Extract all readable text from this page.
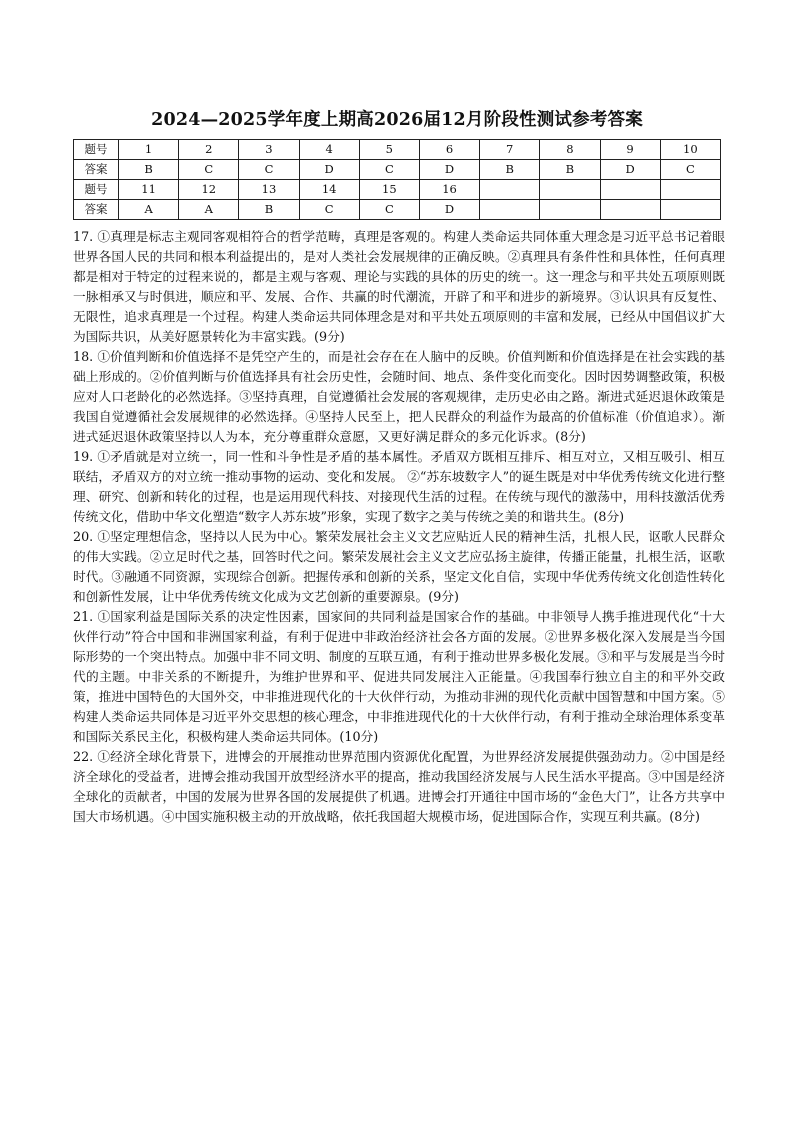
2024—2025学年度上期高2026届12月阶段性测试参考答案
题号	1	2	3	4	5	6	7	8	9	10
答案	B	C	C	D	C	D	B	B	D	C
题号	11	12	13	14	15	16				
答案	A	A	B	C	C	D				

17. ①真理是标志主观同客观相符合的哲学范畴，真理是客观的。构建人类命运共同体重大理念是习近平总书记着眼世界各国人民的共同和根本利益提出的，是对人类社会发展规律的正确反映。②真理具有条件性和具体性，任何真理都是相对于特定的过程来说的，都是主观与客观、理论与实践的具体的历史的统一。这一理念与和平共处五项原则既一脉相承又与时俱进，顺应和平、发展、合作、共赢的时代潮流，开辟了和平和进步的新境界。③认识具有反复性、无限性，追求真理是一个过程。构建人类命运共同体理念是对和平共处五项原则的丰富和发展，已经从中国倡议扩大为国际共识，从美好愿景转化为丰富实践。(9分)

18. ①价值判断和价值选择不是凭空产生的，而是社会存在在人脑中的反映。价值判断和价值选择是在社会实践的基础上形成的。②价值判断与价值选择具有社会历史性，会随时间、地点、条件变化而变化。因时因势调整政策，积极应对人口老龄化的必然选择。③坚持真理，自觉遵循社会发展的客观规律，走历史必由之路。渐进式延迟退休政策是我国自觉遵循社会发展规律的必然选择。④坚持人民至上，把人民群众的利益作为最高的价值标准（价值追求）。渐进式延迟退休政策坚持以人为本，充分尊重群众意愿，又更好满足群众的多元化诉求。(8分)

19. ①矛盾就是对立统一，同一性和斗争性是矛盾的基本属性。矛盾双方既相互排斥、相互对立，又相互吸引、相互联结，矛盾双方的对立统一推动事物的运动、变化和发展。 ②“苏东坡数字人”的诞生既是对中华优秀传统文化进行整理、研究、创新和转化的过程，也是运用现代科技、对接现代生活的过程。在传统与现代的激荡中，用科技激活优秀传统文化，借助中华文化塑造“数字人苏东坡”形象，实现了数字之美与传统之美的和谐共生。(8分)

20. ①坚定理想信念，坚持以人民为中心。繁荣发展社会主义文艺应贴近人民的精神生活，扎根人民，讴歌人民群众的伟大实践。②立足时代之基，回答时代之问。繁荣发展社会主义文艺应弘扬主旋律，传播正能量，扎根生活，讴歌时代。③融通不同资源，实现综合创新。把握传承和创新的关系，坚定文化自信，实现中华优秀传统文化创造性转化和创新性发展，让中华优秀传统文化成为文艺创新的重要源泉。(9分)

21. ①国家利益是国际关系的决定性因素，国家间的共同利益是国家合作的基础。中非领导人携手推进现代化“十大伙伴行动”符合中国和非洲国家利益，有利于促进中非政治经济社会各方面的发展。②世界多极化深入发展是当今国际形势的一个突出特点。加强中非不同文明、制度的互联互通，有利于推动世界多极化发展。③和平与发展是当今时代的主题。中非关系的不断提升，为维护世界和平、促进共同发展注入正能量。④我国奉行独立自主的和平外交政策，推进中国特色的大国外交，中非推进现代化的十大伙伴行动，为推动非洲的现代化贡献中国智慧和中国方案。⑤构建人类命运共同体是习近平外交思想的核心理念，中非推进现代化的十大伙伴行动，有利于推动全球治理体系变革和国际关系民主化，积极构建人类命运共同体。(10分)

22. ①经济全球化背景下，进博会的开展推动世界范围内资源优化配置，为世界经济发展提供强劲动力。②中国是经济全球化的受益者，进博会推动我国开放型经济水平的提高，推动我国经济发展与人民生活水平提高。③中国是经济全球化的贡献者，中国的发展为世界各国的发展提供了机遇。进博会打开通往中国市场的“金色大门”，让各方共享中国大市场机遇。④中国实施积极主动的开放战略，依托我国超大规模市场，促进国际合作，实现互利共赢。(8分)
